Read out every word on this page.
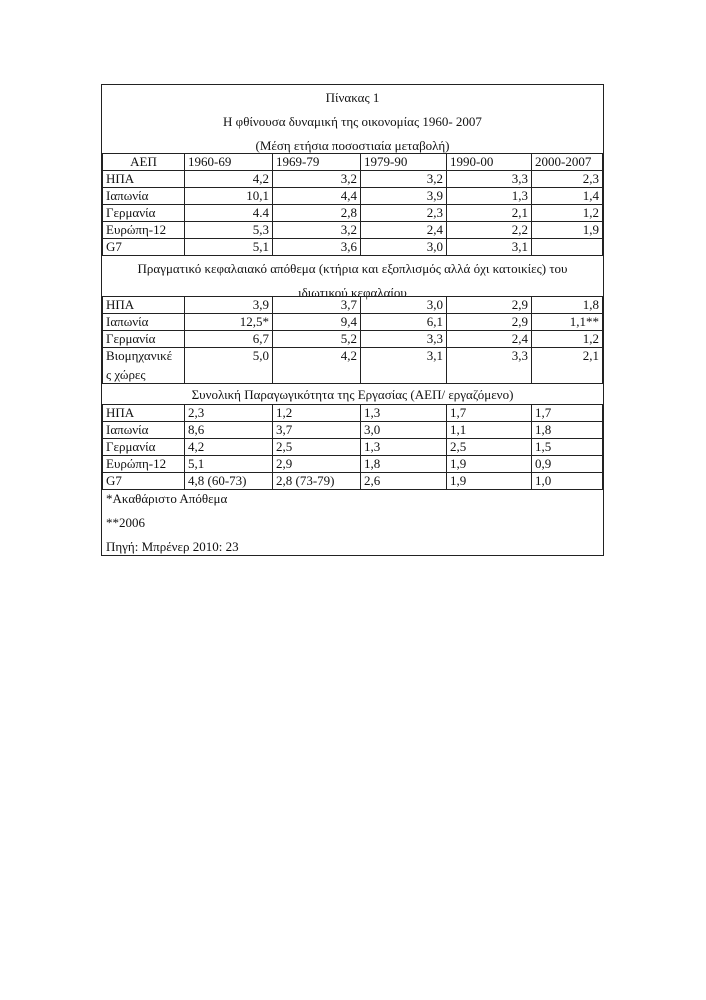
Πίνακας 1
Η φθίνουσα δυναμική της οικονομίας 1960- 2007
(Μέση ετήσια ποσοστιαία μεταβολή)
ΑΕΠ	1960-69	1969-79	1979-90	1990-00	2000-2007
ΗΠΑ	4,2	3,2	3,2	3,3	2,3
Ιαπωνία	10,1	4,4	3,9	1,3	1,4
Γερμανία	4.4	2,8	2,3	2,1	1,2
Ευρώπη-12	5,3	3,2	2,4	2,2	1,9
G7	5,1	3,6	3,0	3,1	
Πραγματικό κεφαλαιακό απόθεμα (κτήρια και εξοπλισμός αλλά όχι κατοικίες) του
ιδιωτικού κεφαλαίου
ΗΠΑ	3,9	3,7	3,0	2,9	1,8
Ιαπωνία	12,5*	9,4	6,1	2,9	1,1**
Γερμανία	6,7	5,2	3,3	2,4	1,2

Βιομηχανικέ
ς χώρες	5,0	4,2	3,1	3,3	2,1
Συνολική Παραγωγικότητα της Εργασίας (ΑΕΠ/ εργαζόμενο)
ΗΠΑ	2,3	1,2	1,3	1,7	1,7
Ιαπωνία	8,6	3,7	3,0	1,1	1,8
Γερμανία	4,2	2,5	1,3	2,5	1,5
Ευρώπη-12	5,1	2,9	1,8	1,9	0,9
G7	4,8 (60-73)	2,8 (73-79)	2,6	1,9	1,0
*Ακαθάριστο Απόθεμα
**2006
Πηγή: Μπρένερ 2010: 23
